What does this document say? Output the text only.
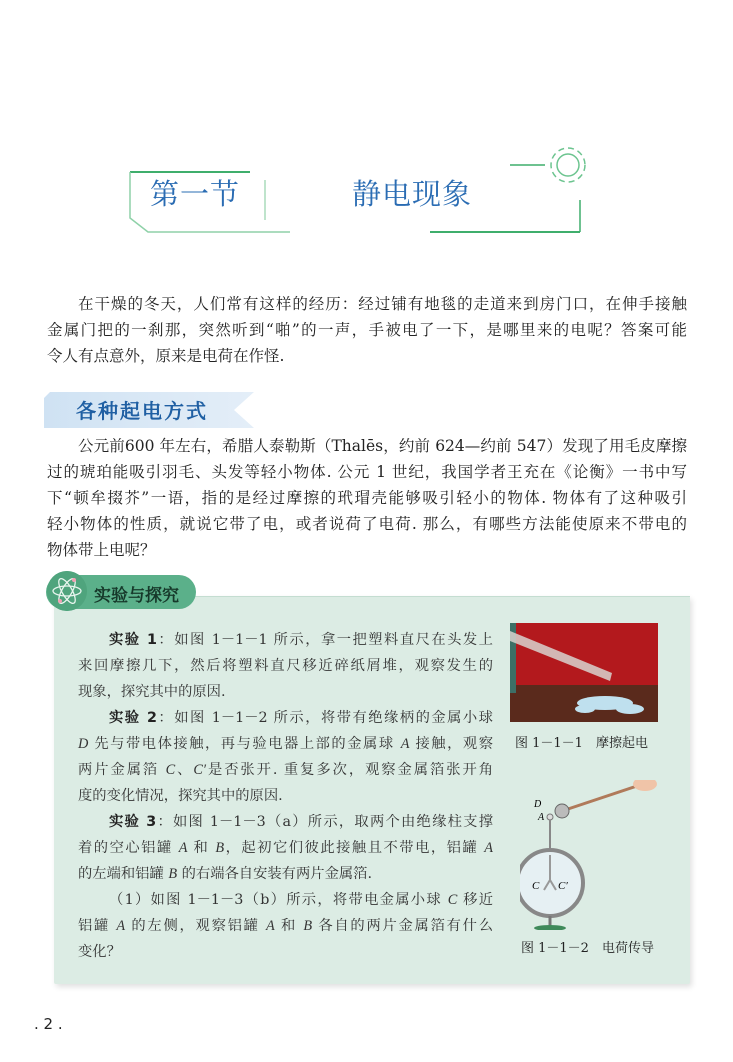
第一节	静电现象
在干燥的冬天，人们常有这样的经历：经过铺有地毯的走道来到房门口，在伸手接触
金属门把的一刹那，突然听到“啪”的一声，手被电了一下，是哪里来的电呢？答案可能
令人有点意外，原来是电荷在作怪.
各种起电方式
公元前600 年左右，希腊人泰勒斯（Thalēs，约前 624—约前 547）发现了用毛皮摩擦
过的琥珀能吸引羽毛、头发等轻小物体. 公元 1 世纪，我国学者王充在《论衡》一书中写
下“顿牟掇芥”一语，指的是经过摩擦的玳瑁壳能够吸引轻小的物体. 物体有了这种吸引
轻小物体的性质，就说它带了电，或者说荷了电荷. 那么，有哪些方法能使原来不带电的
物体带上电呢？
实验与探究
实验 1：如图 1－1－1 所示，拿一把塑料直尺在头发上
来回摩擦几下，然后将塑料直尺移近碎纸屑堆，观察发生的
现象，探究其中的原因.
实验 2：如图 1－1－2 所示，将带有绝缘柄的金属小球
D 先与带电体接触，再与验电器上部的金属球 A 接触，观察
两片金属箔 C、C′是否张开. 重复多次，观察金属箔张开角
度的变化情况，探究其中的原因.
实验 3：如图 1－1－3（a）所示，取两个由绝缘柱支撑
着的空心铝罐 A 和 B，起初它们彼此接触且不带电，铝罐 A
的左端和铝罐 B 的右端各自安装有两片金属箔.
（1）如图 1－1－3（b）所示，将带电金属小球 C 移近
铝罐 A 的左侧，观察铝罐 A 和 B 各自的两片金属箔有什么
变化？
图 1－1－1　摩擦起电
D
A
C C′
图 1－1－2　电荷传导
. 2 .
